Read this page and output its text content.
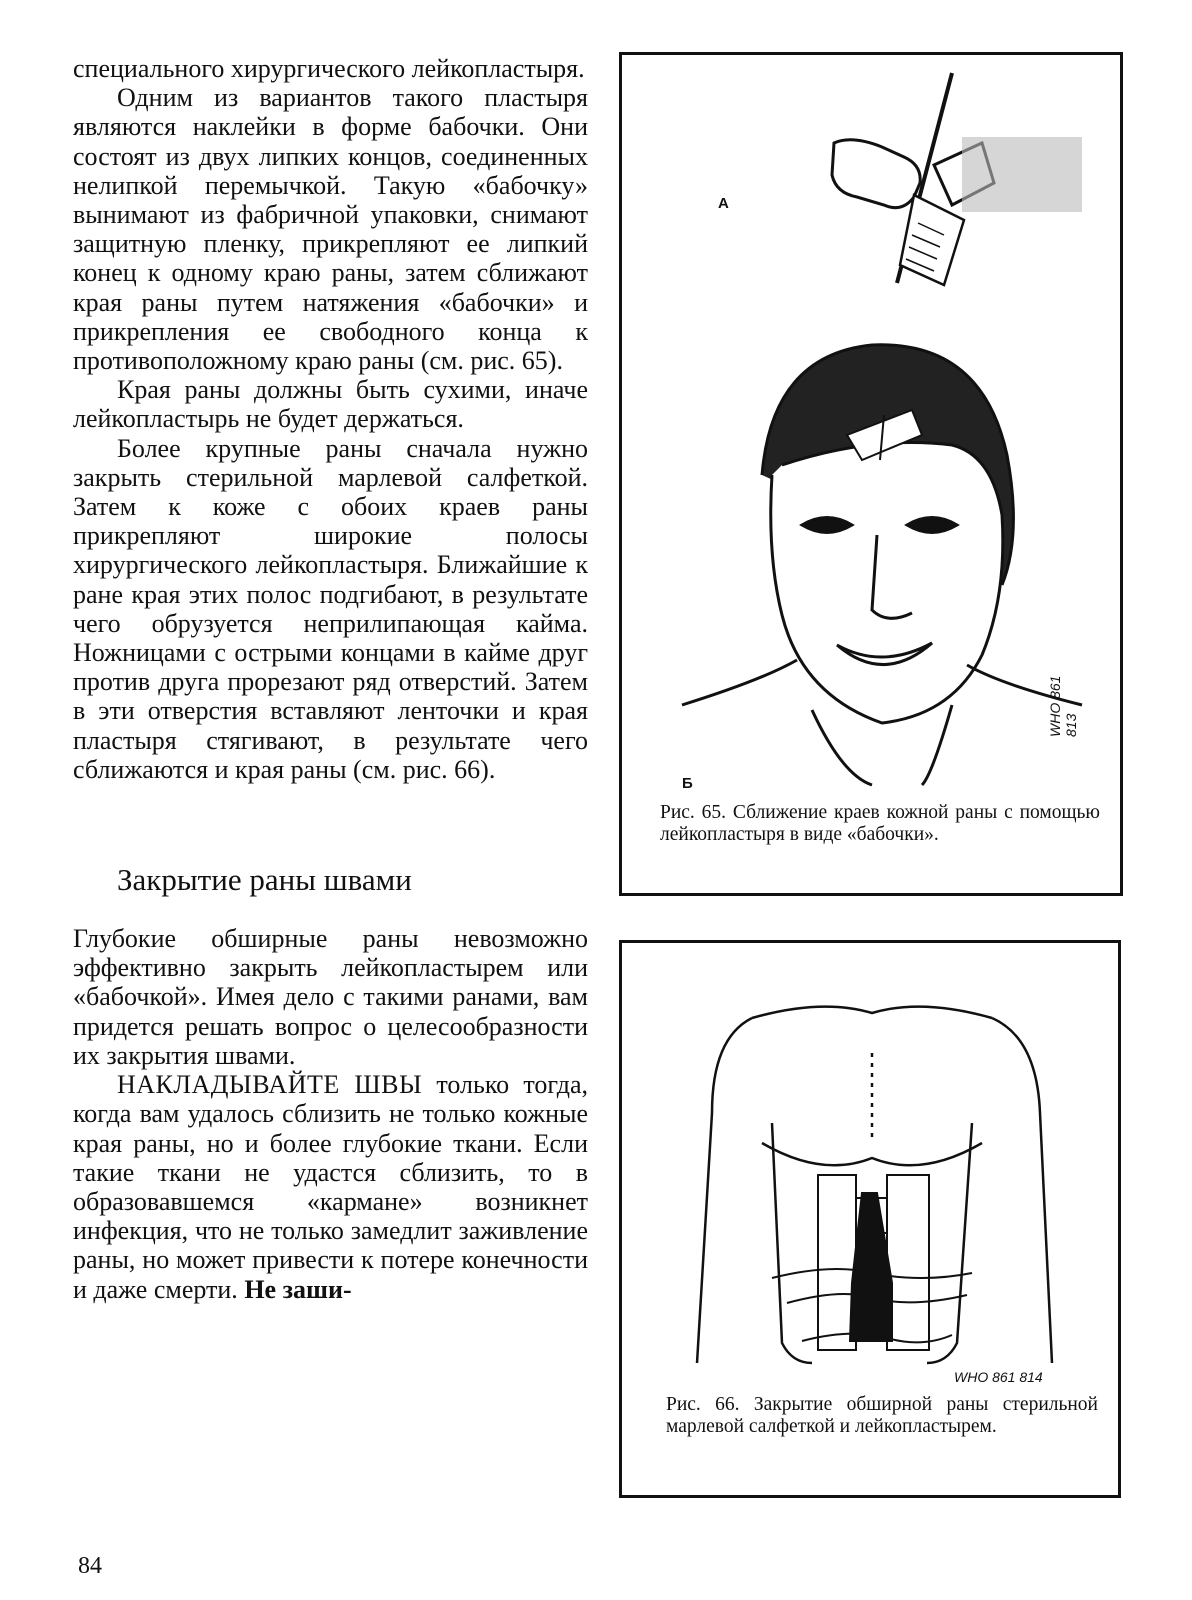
специального хирургического лейкопластыря.

Одним из вариантов такого пластыря являются наклейки в форме бабочки. Они состоят из двух липких концов, соединенных нелипкой перемычкой. Такую «бабочку» вынимают из фабричной упаковки, снимают защитную пленку, прикрепляют ее липкий конец к одному краю раны, затем сближают края раны путем натяжения «бабочки» и прикрепления ее свободного конца к противоположному краю раны (см. рис. 65).

Края раны должны быть сухими, иначе лейкопластырь не будет держаться.

Более крупные раны сначала нужно закрыть стерильной марлевой салфеткой. Затем к коже с обоих краев раны прикрепляют широкие полосы хирургического лейкопластыря. Ближайшие к ране края этих полос подгибают, в результате чего обрузуется неприлипающая кайма. Ножницами с острыми концами в кайме друг против друга прорезают ряд отверстий. Затем в эти отверстия вставляют ленточки и края пластыря стягивают, в результате чего сближаются и края раны (см. рис. 66).

Закрытие раны швами

Глубокие обширные раны невозможно эффективно закрыть лейкопластырем или «бабочкой». Имея дело с такими ранами, вам придется решать вопрос о целесообразности их закрытия швами.

НАКЛАДЫВАЙТЕ ШВЫ только тогда, когда вам удалось сблизить не только кожные края раны, но и более глубокие ткани. Если такие ткани не удастся сблизить, то в образовавшемся «кармане» возникнет инфекция, что не только замедлит заживление раны, но может привести к потере конечности и даже смерти. Не заши-

84
А
Б
WHO 861 813

Рис. 65. Сближение краев кожной раны с помощью лейкопластыря в виде «бабочки».

WHO 861 814

Рис. 66. Закрытие обширной раны стерильной марлевой салфеткой и лейкопластырем.
